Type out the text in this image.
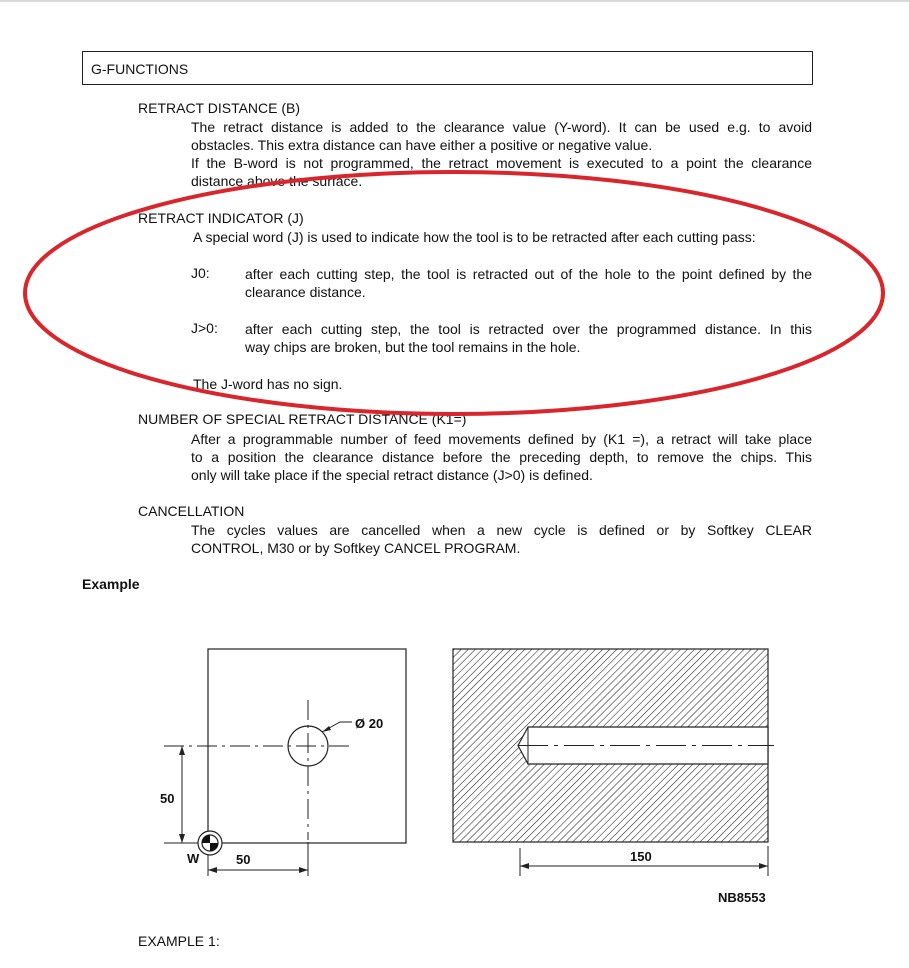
G-FUNCTIONS
RETRACT DISTANCE (B)
The retract distance is added to the clearance value (Y-word). It can be used e.g. to avoid
obstacles. This extra distance can have either a positive or negative value.
If the B-word is not programmed, the retract movement is executed to a point the clearance
distance above the surface.
RETRACT INDICATOR (J)
A special word (J) is used to indicate how the tool is to be retracted after each cutting pass:
J0:	after each cutting step, the tool is retracted out of the hole to the point defined by the
clearance distance.
J>0: after each cutting step, the tool is retracted over the programmed distance. In this
way chips are broken, but the tool remains in the hole.
The J-word has no sign.
NUMBER OF SPECIAL RETRACT DISTANCE (K1=)
After a programmable number of feed movements defined by (K1 =), a retract will take place
to a position the clearance distance before the preceding depth, to remove the chips. This
only will take place if the special retract distance (J>0) is defined.
CANCELLATION
The cycles values are cancelled when a new cycle is defined or by Softkey CLEAR
CONTROL, M30 or by Softkey CANCEL PROGRAM.
Example
Ø 20
50
50
W	150
NB8553
EXAMPLE 1:
